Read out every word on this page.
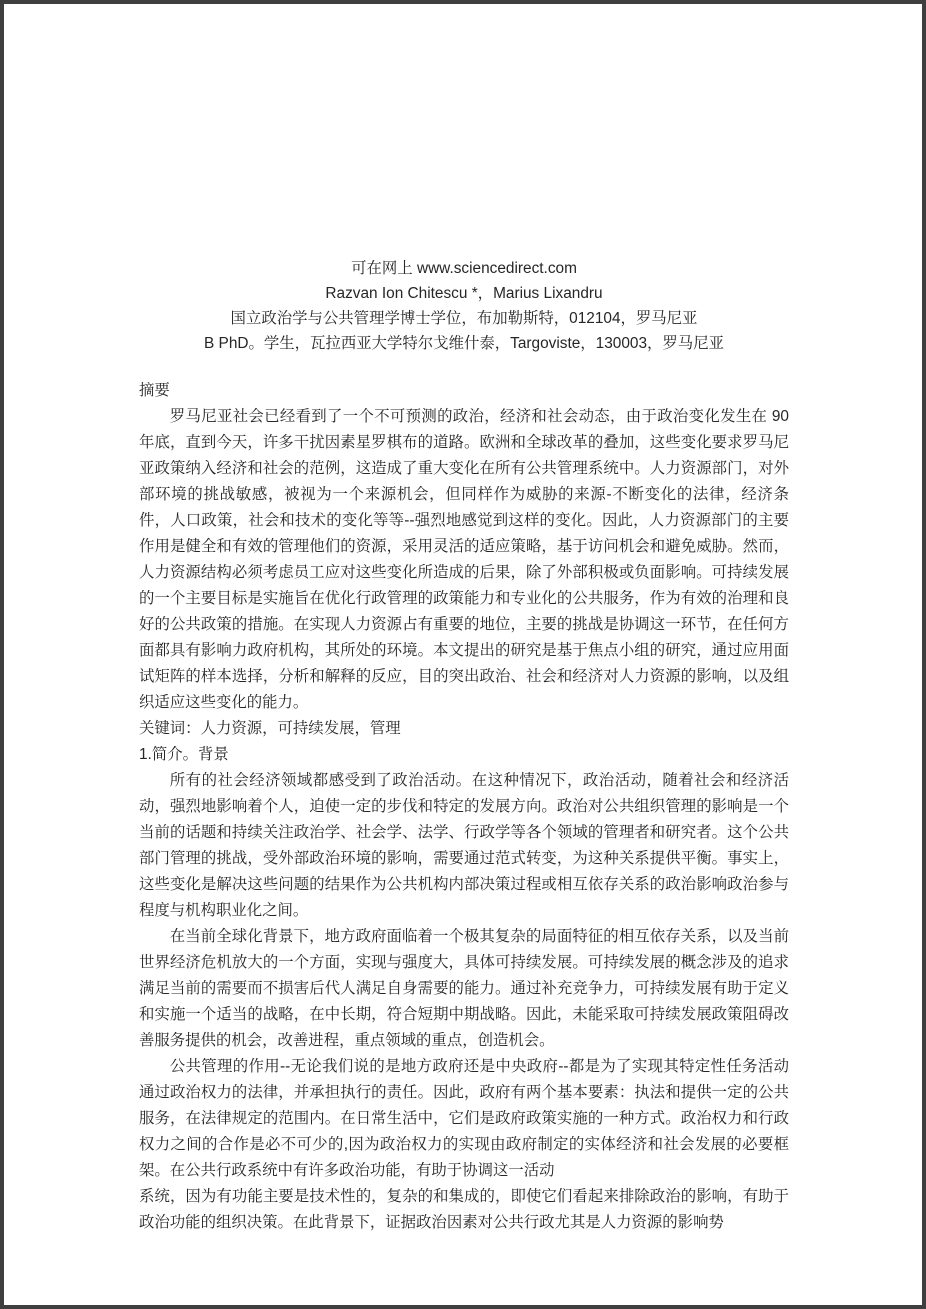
可在网上 www.sciencedirect.com
Razvan Ion Chitescu *，Marius Lixandru
国立政治学与公共管理学博士学位，布加勒斯特，012104，罗马尼亚
B PhD。学生，瓦拉西亚大学特尔戈维什泰，Targoviste，130003，罗马尼亚
摘要

罗马尼亚社会已经看到了一个不可预测的政治，经济和社会动态，由于政治变化发生在 90 年底，直到今天，许多干扰因素星罗棋布的道路。欧洲和全球改革的叠加，这些变化要求罗马尼亚政策纳入经济和社会的范例，这造成了重大变化在所有公共管理系统中。人力资源部门，对外部环境的挑战敏感，被视为一个来源机会，但同样作为威胁的来源-不断变化的法律，经济条件，人口政策，社会和技术的变化等等--强烈地感觉到这样的变化。因此，人力资源部门的主要作用是健全和有效的管理他们的资源，采用灵活的适应策略，基于访问机会和避免威胁。然而，人力资源结构必须考虑员工应对这些变化所造成的后果，除了外部积极或负面影响。可持续发展的一个主要目标是实施旨在优化行政管理的政策能力和专业化的公共服务，作为有效的治理和良好的公共政策的措施。在实现人力资源占有重要的地位，主要的挑战是协调这一环节，在任何方面都具有影响力政府机构，其所处的环境。本文提出的研究是基于焦点小组的研究，通过应用面试矩阵的样本选择，分析和解释的反应，目的突出政治、社会和经济对人力资源的影响，以及组织适应这些变化的能力。

关键词：人力资源，可持续发展，管理
1.简介。背景

所有的社会经济领域都感受到了政治活动。在这种情况下，政治活动，随着社会和经济活动，强烈地影响着个人，迫使一定的步伐和特定的发展方向。政治对公共组织管理的影响是一个当前的话题和持续关注政治学、社会学、法学、行政学等各个领域的管理者和研究者。这个公共部门管理的挑战，受外部政治环境的影响，需要通过范式转变，为这种关系提供平衡。事实上，这些变化是解决这些问题的结果作为公共机构内部决策过程或相互依存关系的政治影响政治参与程度与机构职业化之间。

在当前全球化背景下，地方政府面临着一个极其复杂的局面特征的相互依存关系，以及当前世界经济危机放大的一个方面，实现与强度大，具体可持续发展。可持续发展的概念涉及的追求满足当前的需要而不损害后代人满足自身需要的能力。通过补充竞争力，可持续发展有助于定义和实施一个适当的战略，在中长期，符合短期中期战略。因此，未能采取可持续发展政策阻碍改善服务提供的机会，改善进程，重点领域的重点，创造机会。

公共管理的作用--无论我们说的是地方政府还是中央政府--都是为了实现其特定性任务活动通过政治权力的法律，并承担执行的责任。因此，政府有两个基本要素：执法和提供一定的公共服务，在法律规定的范围内。在日常生活中，它们是政府政策实施的一种方式。政治权力和行政权力之间的合作是必不可少的,因为政治权力的实现由政府制定的实体经济和社会发展的必要框架。在公共行政系统中有许多政治功能，有助于协调这一活动

系统，因为有功能主要是技术性的，复杂的和集成的，即使它们看起来排除政治的影响，有助于政治功能的组织决策。在此背景下，证据政治因素对公共行政尤其是人力资源的影响势
